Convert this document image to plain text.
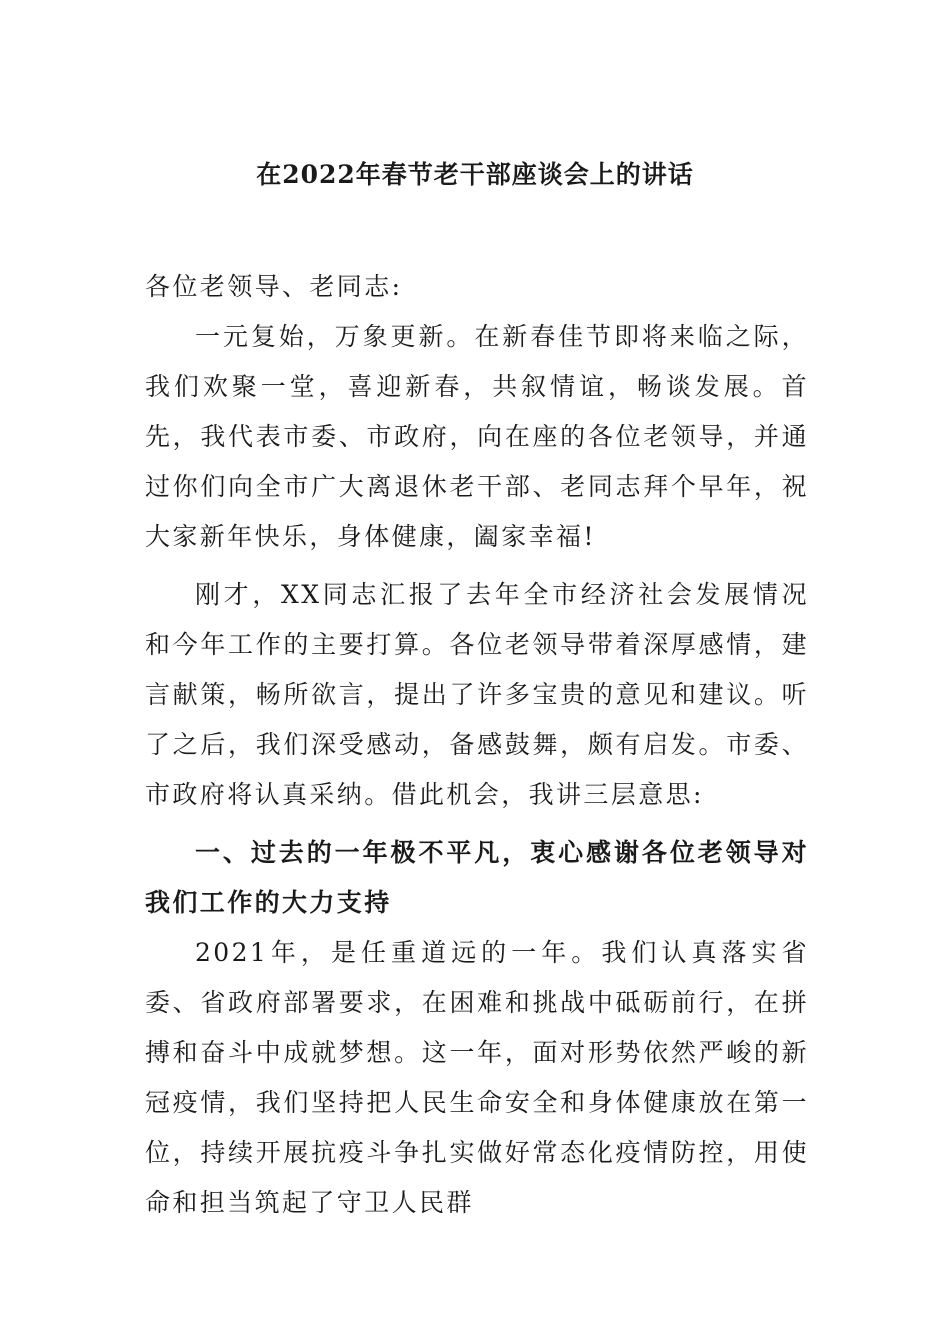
在2022年春节老干部座谈会上的讲话

各位老领导、老同志:

一元复始，万象更新。在新春佳节即将来临之际，我们欢聚一堂，喜迎新春，共叙情谊，畅谈发展。首先，我代表市委、市政府，向在座的各位老领导，并通过你们向全市广大离退休老干部、老同志拜个早年，祝大家新年快乐，身体健康，阖家幸福!

刚才，XX同志汇报了去年全市经济社会发展情况和今年工作的主要打算。各位老领导带着深厚感情，建言献策，畅所欲言，提出了许多宝贵的意见和建议。听了之后，我们深受感动，备感鼓舞，颇有启发。市委、市政府将认真采纳。借此机会，我讲三层意思:

一、过去的一年极不平凡，衷心感谢各位老领导对我们工作的大力支持

2021年，是任重道远的一年。我们认真落实省委、省政府部署要求，在困难和挑战中砥砺前行，在拼搏和奋斗中成就梦想。这一年，面对形势依然严峻的新冠疫情，我们坚持把人民生命安全和身体健康放在第一位，持续开展抗疫斗争扎实做好常态化疫情防控，用使命和担当筑起了守卫人民群
